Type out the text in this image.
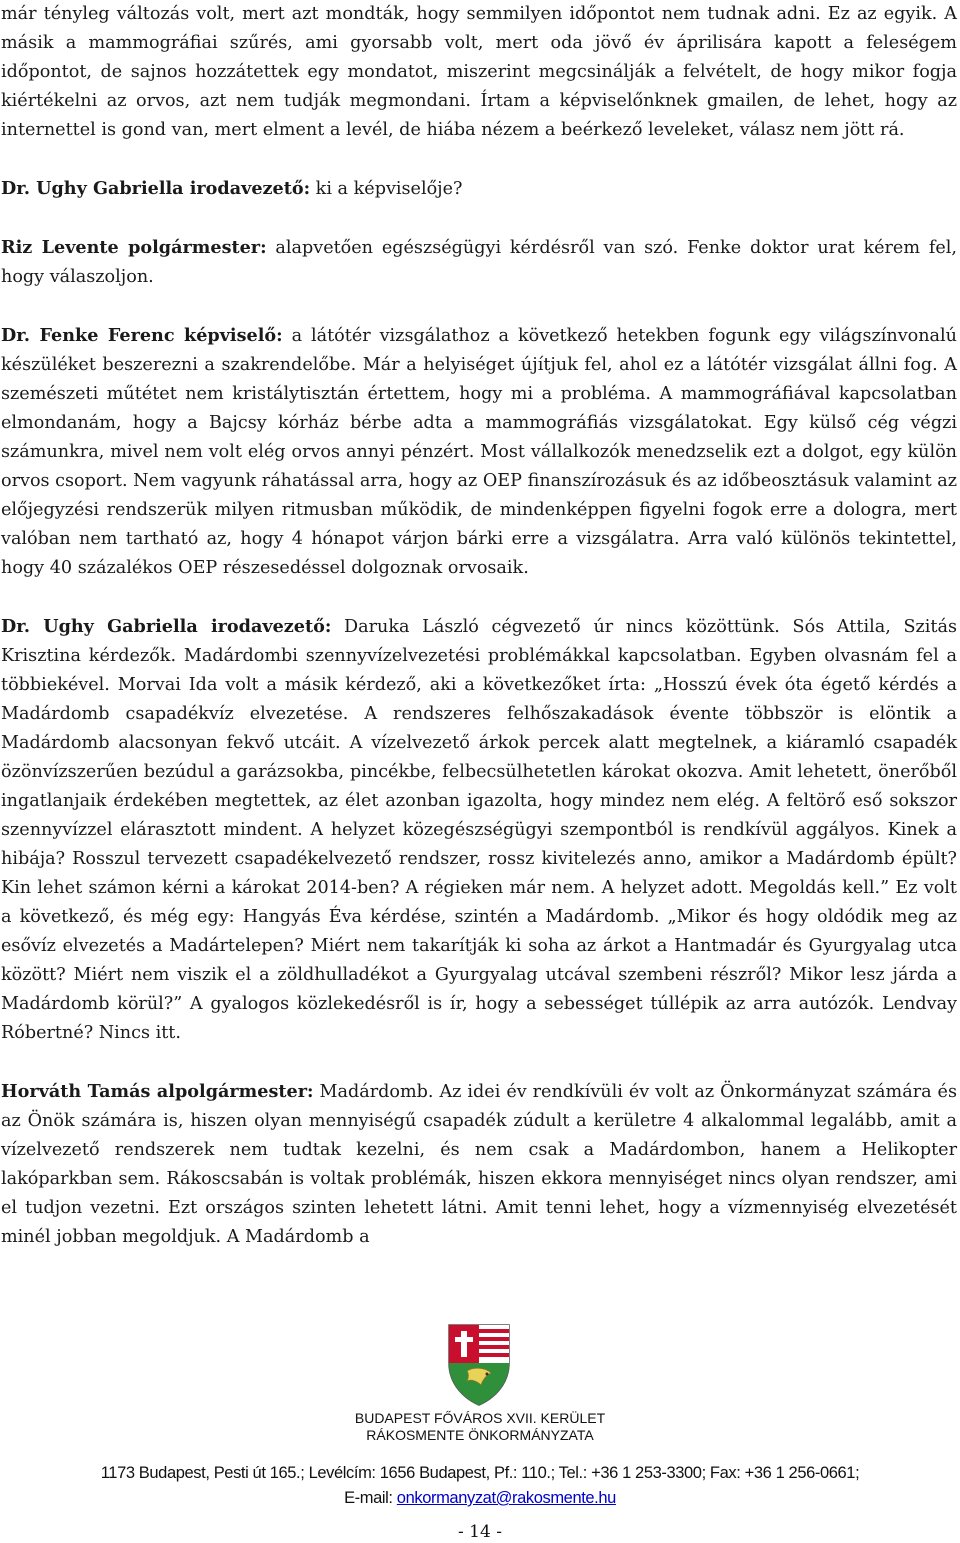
már tényleg változás volt, mert azt mondták, hogy semmilyen időpontot nem tudnak adni. Ez az egyik. A másik a mammográfiai szűrés, ami gyorsabb volt, mert oda jövő év áprilisára kapott a feleségem időpontot, de sajnos hozzátettek egy mondatot, miszerint megcsinálják a felvételt, de hogy mikor fogja kiértékelni az orvos, azt nem tudják megmondani. Írtam a képviselőnknek gmailen, de lehet, hogy az internettel is gond van, mert elment a levél, de hiába nézem a beérkező leveleket, válasz nem jött rá.

Dr. Ughy Gabriella irodavezető: ki a képviselője?

Riz Levente polgármester: alapvetően egészségügyi kérdésről van szó. Fenke doktor urat kérem fel, hogy válaszoljon.

Dr. Fenke Ferenc képviselő: a látótér vizsgálathoz a következő hetekben fogunk egy világszínvonalú készüléket beszerezni a szakrendelőbe. Már a helyiséget újítjuk fel, ahol ez a látótér vizsgálat állni fog. A szemészeti műtétet nem kristálytisztán értettem, hogy mi a probléma. A mammográfiával kapcsolatban elmondanám, hogy a Bajcsy kórház bérbe adta a mammográfiás vizsgálatokat. Egy külső cég végzi számunkra, mivel nem volt elég orvos annyi pénzért. Most vállalkozók menedzselik ezt a dolgot, egy külön orvos csoport. Nem vagyunk ráhatással arra, hogy az OEP finanszírozásuk és az időbeosztásuk valamint az előjegyzési rendszerük milyen ritmusban működik, de mindenképpen figyelni fogok erre a dologra, mert valóban nem tartható az, hogy 4 hónapot várjon bárki erre a vizsgálatra. Arra való különös tekintettel, hogy 40 százalékos OEP részesedéssel dolgoznak orvosaik.

Dr. Ughy Gabriella irodavezető: Daruka László cégvezető úr nincs közöttünk. Sós Attila, Szitás Krisztina kérdezők. Madárdombi szennyvízelvezetési problémákkal kapcsolatban. Egyben olvasnám fel a többiekével. Morvai Ida volt a másik kérdező, aki a következőket írta: „Hosszú évek óta égető kérdés a Madárdomb csapadékvíz elvezetése. A rendszeres felhőszakadások évente többször is elöntik a Madárdomb alacsonyan fekvő utcáit. A vízelvezető árkok percek alatt megtelnek, a kiáramló csapadék özönvízszerűen bezúdul a garázsokba, pincékbe, felbecsülhetetlen károkat okozva. Amit lehetett, önerőből ingatlanjaik érdekében megtettek, az élet azonban igazolta, hogy mindez nem elég. A feltörő eső sokszor szennyvízzel elárasztott mindent. A helyzet közegészségügyi szempontból is rendkívül aggályos. Kinek a hibája? Rosszul tervezett csapadékelvezető rendszer, rossz kivitelezés anno, amikor a Madárdomb épült? Kin lehet számon kérni a károkat 2014-ben? A régieken már nem. A helyzet adott. Megoldás kell.” Ez volt a következő, és még egy: Hangyás Éva kérdése, szintén a Madárdomb. „Mikor és hogy oldódik meg az esővíz elvezetés a Madártelepen? Miért nem takarítják ki soha az árkot a Hantmadár és Gyurgyalag utca között? Miért nem viszik el a zöldhulladékot a Gyurgyalag utcával szembeni részről? Mikor lesz járda a Madárdomb körül?” A gyalogos közlekedésről is ír, hogy a sebességet túllépik az arra autózók. Lendvay Róbertné? Nincs itt.

Horváth Tamás alpolgármester: Madárdomb. Az idei év rendkívüli év volt az Önkormányzat számára és az Önök számára is, hiszen olyan mennyiségű csapadék zúdult a kerületre 4 alkalommal legalább, amit a vízelvezető rendszerek nem tudtak kezelni, és nem csak a Madárdombon, hanem a Helikopter lakóparkban sem. Rákoscsabán is voltak problémák, hiszen ekkora mennyiséget nincs olyan rendszer, ami el tudjon vezetni. Ezt országos szinten lehetett látni. Amit tenni lehet, hogy a vízmennyiség elvezetését minél jobban megoldjuk. A Madárdomb a

BUDAPEST FŐVÁROS XVII. KERÜLET
RÁKOSMENTE ÖNKORMÁNYZATA
1173 Budapest, Pesti út 165.; Levélcím: 1656 Budapest, Pf.: 110.; Tel.: +36 1 253-3300; Fax: +36 1 256-0661;
E-mail: onkormanyzat@rakosmente.hu
- 14 -
